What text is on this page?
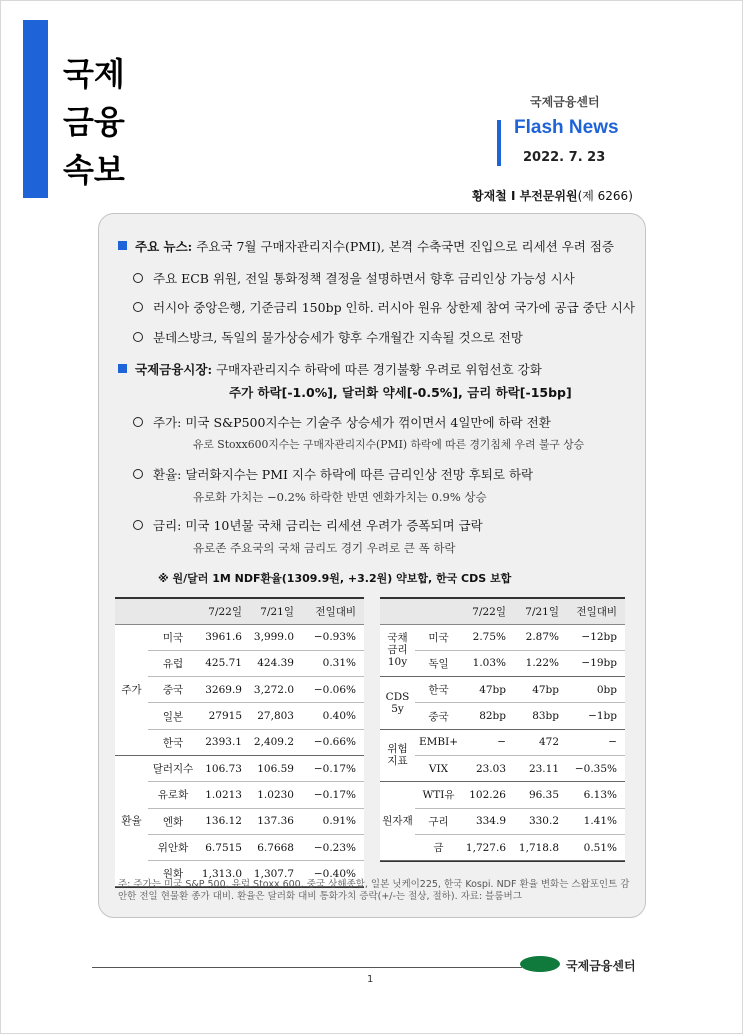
국제
금융
속보
국제금융센터
Flash News
2022. 7. 23
황재철 Ⅰ 부전문위원(제 6266)
주요 뉴스: 주요국 7월 구매자관리지수(PMI), 본격 수축국면 진입으로 리세션 우려 점증
주요 ECB 위원, 전일 통화정책 결정을 설명하면서 향후 금리인상 가능성 시사
러시아 중앙은행, 기준금리 150bp 인하. 러시아 원유 상한제 참여 국가에 공급 중단 시사
분데스방크, 독일의 물가상승세가 향후 수개월간 지속될 것으로 전망
국제금융시장: 구매자관리지수 하락에 따른 경기불황 우려로 위험선호 강화
주가 하락[-1.0%], 달러화 약세[-0.5%], 금리 하락[-15bp]
주가: 미국 S&P500지수는 기술주 상승세가 꺾이면서 4일만에 하락 전환
유로 Stoxx600지수는 구매자관리지수(PMI) 하락에 따른 경기침체 우려 불구 상승
환율: 달러화지수는 PMI 지수 하락에 따른 금리인상 전망 후퇴로 하락
유로화 가치는 −0.2% 하락한 반면 엔화가치는 0.9% 상승
금리: 미국 10년물 국채 금리는 리세션 우려가 증폭되며 급락
유로존 주요국의 국채 금리도 경기 우려로 큰 폭 하락
※ 원/달러 1M NDF환율(1309.9원, +3.2원) 약보합, 한국 CDS 보합
		7/22일	7/21일	전일대비
주가	미국	3961.6	3,999.0	−0.93%
	유럽	425.71	424.39	0.31%
	중국	3269.9	3,272.0	−0.06%
	일본	27915	27,803	0.40%
	한국	2393.1	2,409.2	−0.66%
환율	달러지수	106.73	106.59	−0.17%
	유로화	1.0213	1.0230	−0.17%
	엔화	136.12	137.36	0.91%
	위안화	6.7515	6.7668	−0.23%
	원화	1,313.0	1,307.7	−0.40%
		7/22일	7/21일	전일대비
국채
금리
10y	미국	2.75%	2.87%	−12bp
	독일	1.03%	1.22%	−19bp
CDS
5y	한국	47bp	47bp	0bp
	중국	82bp	83bp	−1bp
위험
지표	EMBI+	−	472	−
	VIX	23.03	23.11	−0.35%
원자재	WTI유	102.26	96.35	6.13%
	구리	334.9	330.2	1.41%
	금	1,727.6	1,718.8	0.51%
주: 주가는 미국 S&P 500, 유럽 Stoxx 600, 중국 상해종합, 일본 닛케이225, 한국 Kospi. NDF 환율 변화는 스왑포인트 감안한 전일 현물환 종가 대비. 환율은 달러화 대비 통화가치 증락(+/-는 절상, 절하). 자료: 블룸버그
1
국제금융센터
